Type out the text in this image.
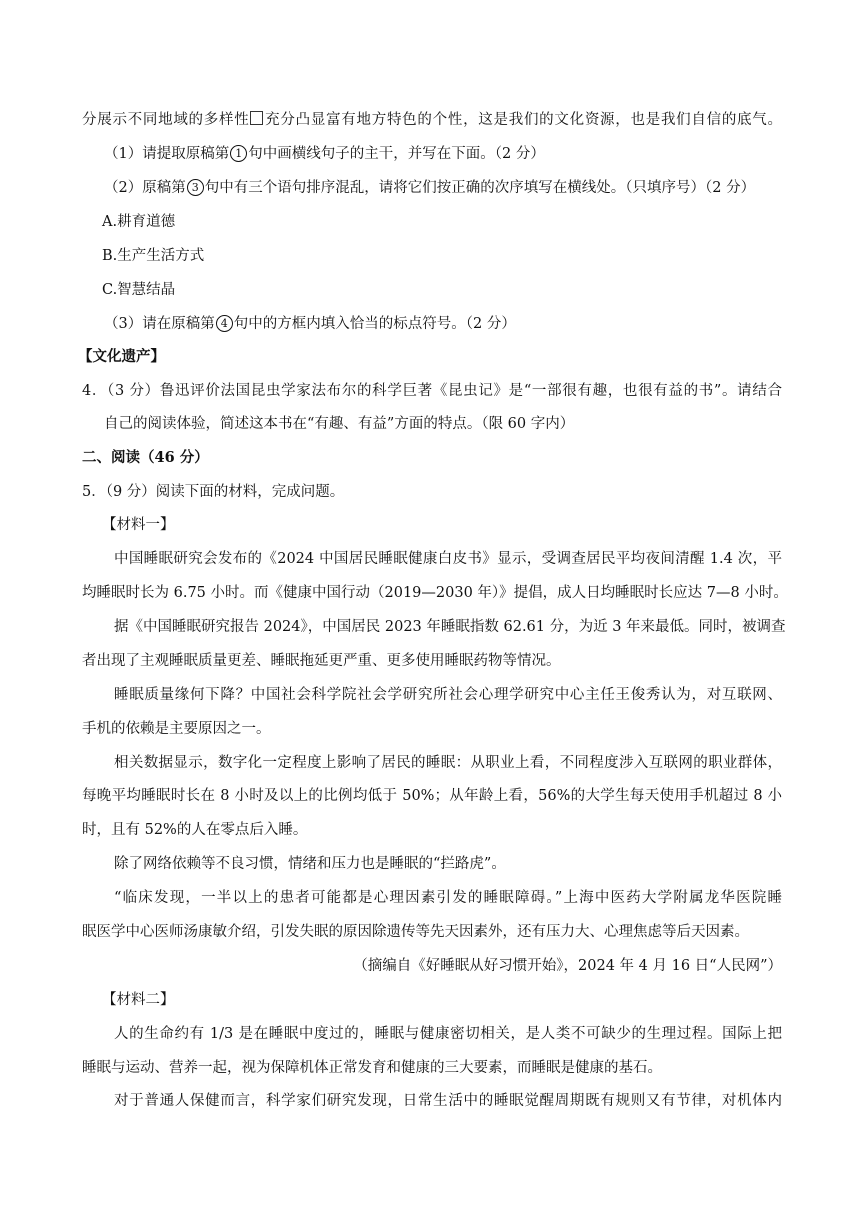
分展示不同地域的多样性 充分凸显富有地方特色的个性，这是我们的文化资源，也是我们自信的底气。
（1）请提取原稿第 1 句中画横线句子的主干，并写在下面。（2 分）
（2）原稿第 3 句中有三个语句排序混乱，请将它们按正确的次序填写在横线处。（只填序号）（2 分）
A.耕育道德
B.生产生活方式
C.智慧结晶
（3）请在原稿第 4 句中的方框内填入恰当的标点符号。（2 分）
【文化遗产】
4．（3 分）鲁迅评价法国昆虫学家法布尔的科学巨著《昆虫记》是“一部很有趣，也很有益的书”。请结合
自己的阅读体验，简述这本书在“有趣、有益”方面的特点。（限 60 字内）
二、阅读（46 分）
5．（9 分）阅读下面的材料，完成问题。
【材料一】
中国睡眠研究会发布的《2024 中国居民睡眠健康白皮书》显示，受调查居民平均夜间清醒 1.4 次，平
均睡眠时长为 6.75 小时。而《健康中国行动（2019—2030 年）》提倡，成人日均睡眠时长应达 7—8 小时。
据《中国睡眠研究报告 2024》，中国居民 2023 年睡眠指数 62.61 分，为近 3 年来最低。同时，被调查
者出现了主观睡眠质量更差、睡眠拖延更严重、更多使用睡眠药物等情况。
睡眠质量缘何下降？中国社会科学院社会学研究所社会心理学研究中心主任王俊秀认为，对互联网、
手机的依赖是主要原因之一。
相关数据显示，数字化一定程度上影响了居民的睡眠：从职业上看，不同程度涉入互联网的职业群体，
每晚平均睡眠时长在 8 小时及以上的比例均低于 50%；从年龄上看，56%的大学生每天使用手机超过 8 小
时，且有 52%的人在零点后入睡。
除了网络依赖等不良习惯，情绪和压力也是睡眠的“拦路虎”。
“临床发现，一半以上的患者可能都是心理因素引发的睡眠障碍。”上海中医药大学附属龙华医院睡
眠医学中心医师汤康敏介绍，引发失眠的原因除遗传等先天因素外，还有压力大、心理焦虑等后天因素。
（摘编自《好睡眠从好习惯开始》，2024 年 4 月 16 日“人民网”）
【材料二】
人的生命约有 1/3 是在睡眠中度过的，睡眠与健康密切相关，是人类不可缺少的生理过程。国际上把
睡眠与运动、营养一起，视为保障机体正常发育和健康的三大要素，而睡眠是健康的基石。
对于普通人保健而言，科学家们研究发现，日常生活中的睡眠觉醒周期既有规则又有节律，对机体内
